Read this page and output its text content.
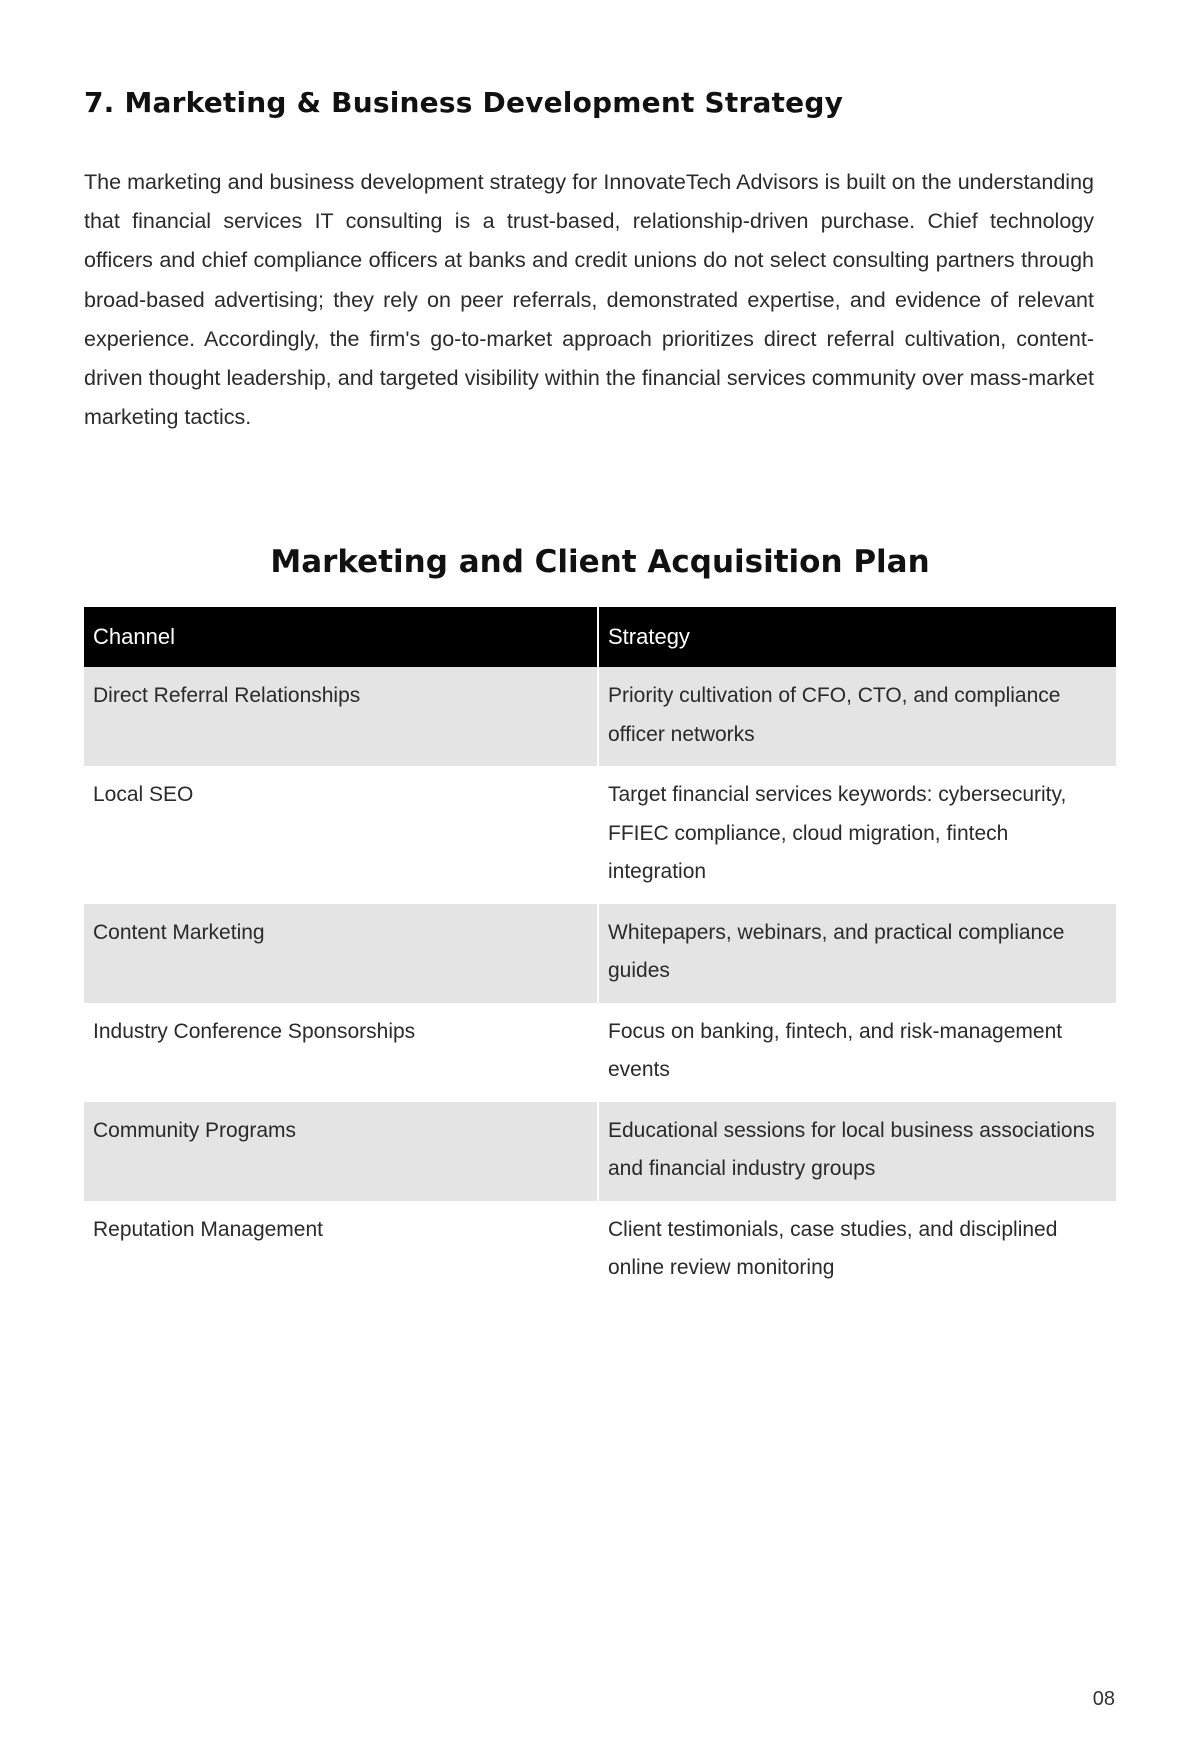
7. Marketing & Business Development Strategy

The marketing and business development strategy for InnovateTech Advisors is built on the understanding that financial services IT consulting is a trust-based, relationship-driven purchase. Chief technology officers and chief compliance officers at banks and credit unions do not select consulting partners through broad-based advertising; they rely on peer referrals, demonstrated expertise, and evidence of relevant experience. Accordingly, the firm's go-to-market approach prioritizes direct referral cultivation, content-driven thought leadership, and targeted visibility within the financial services community over mass-market marketing tactics.

Marketing and Client Acquisition Plan
Channel	Strategy
Direct Referral Relationships	Priority cultivation of CFO, CTO, and compliance officer networks
Local SEO	Target financial services keywords: cybersecurity, FFIEC compliance, cloud migration, fintech integration
Content Marketing	Whitepapers, webinars, and practical compliance guides
Industry Conference Sponsorships	Focus on banking, fintech, and risk-management events
Community Programs	Educational sessions for local business associations and financial industry groups
Reputation Management	Client testimonials, case studies, and disciplined online review monitoring
08
